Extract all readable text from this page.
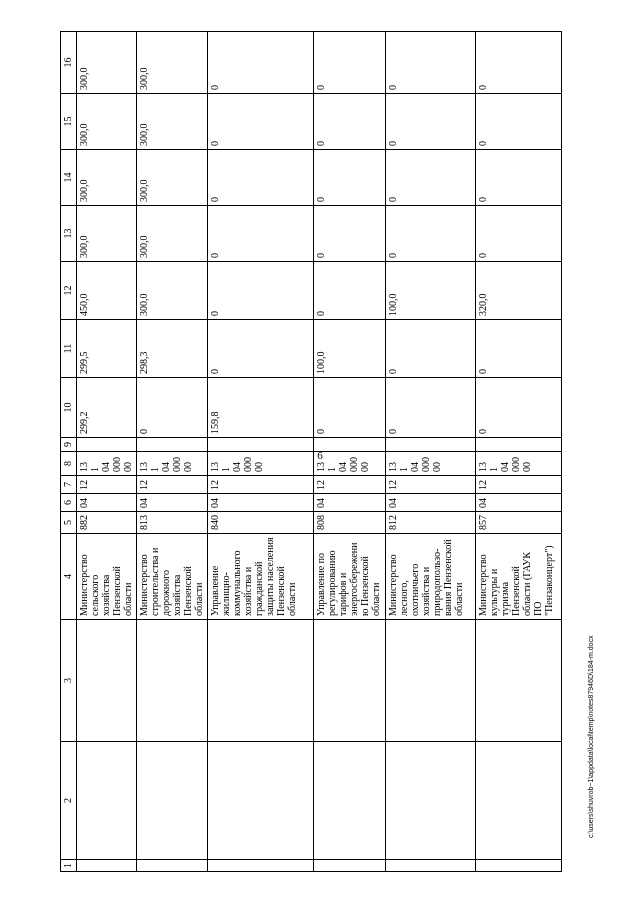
6
1	2	3	4	5	6	7	8	9	10	11	12	13	14	15	16
			Министерство сельского хозяйства Пензенской области	882	04	12	13 1 04 000 00		299,2	299,5	450,0	300,0	300,0	300,0	300,0
			Министерство строительства и дорожного хозяйства Пензенской области	813	04	12	13 1 04 000 00		0	298,3	300,0	300,0	300,0	300,0	300,0
			Управление жилищно-коммунального хозяйства и гражданской защиты населения Пензенской области	840	04	12	13 1 04 000 00		159,8	0	0	0	0	0	0
			Управление по регулированию тарифов и энергосбережению Пензенской области	808	04	12	13 1 04 000 00		0	100,0	0	0	0	0	0
			Министерство лесного, охотничьего хозяйства и природопользо-вания Пензенской области	812	04	12	13 1 04 000 00		0	0	100,0	0	0	0	0
			Министерство культуры и туризма Пензенской области (ГАУК ПО "Пензаконцерт")	857	04	12	13 1 04 000 00		0	0	320,0	0	0	0	0
c:\users\shuvrob~1\appdata\local\temp\notes87946D\184-m.docx
